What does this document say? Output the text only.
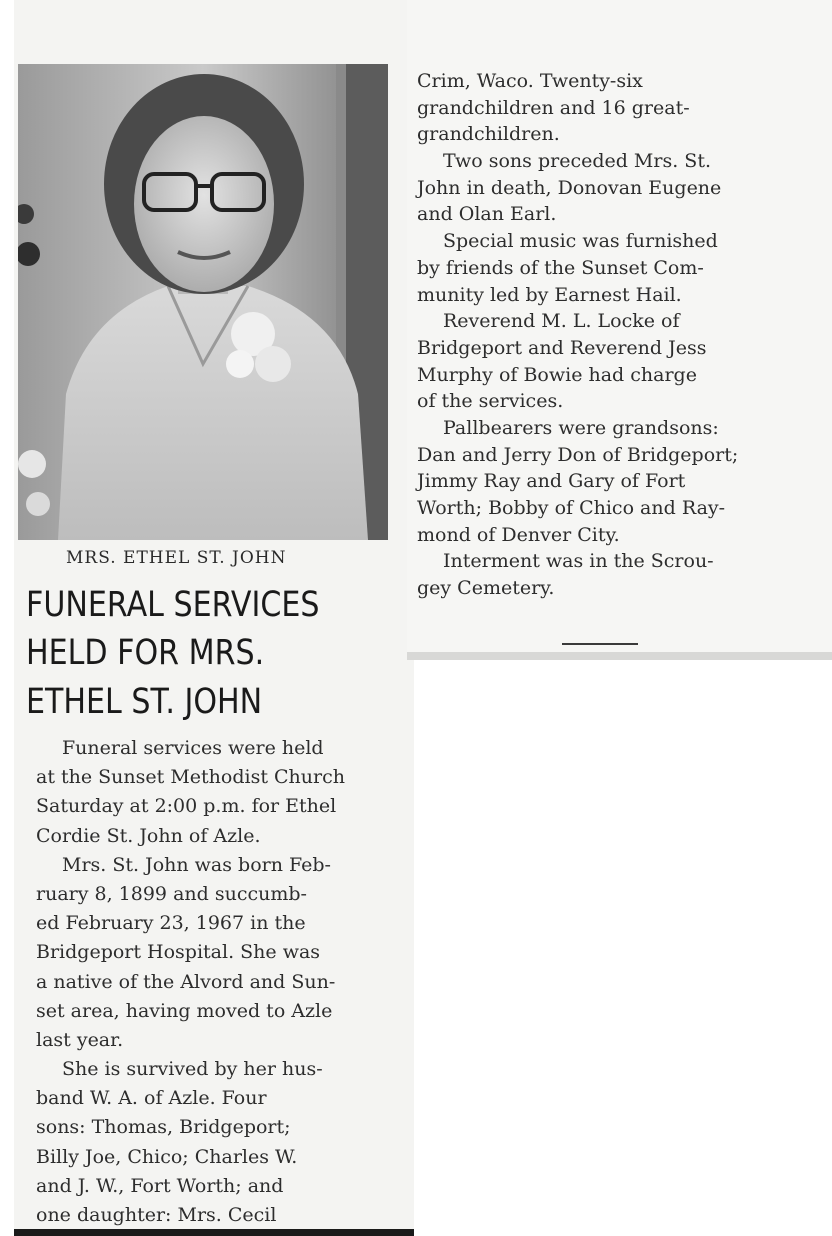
MRS. ETHEL ST. JOHN
FUNERAL SERVICES
HELD FOR MRS.
ETHEL ST. JOHN

Funeral services were held

at the Sunset Methodist Church

Saturday at 2:00 p.m. for Ethel

Cordie St. John of Azle.

Mrs. St. John was born Feb-

ruary 8, 1899 and succumb-

ed February 23, 1967 in the

Bridgeport Hospital. She was

a native of the Alvord and Sun-

set area, having moved to Azle

last year.

She is survived by her hus-

band W. A. of Azle. Four

sons: Thomas, Bridgeport;

Billy Joe, Chico; Charles W.

and J. W., Fort Worth; and

one daughter: Mrs. Cecil

Crim, Waco. Twenty-six

grandchildren and 16 great-

grandchildren.

Two sons preceded Mrs. St.

John in death, Donovan Eugene

and Olan Earl.

Special music was furnished

by friends of the Sunset Com-

munity led by Earnest Hail.

Reverend M. L. Locke of

Bridgeport and Reverend Jess

Murphy of Bowie had charge

of the services.

Pallbearers were grandsons:

Dan and Jerry Don of Bridgeport;

Jimmy Ray and Gary of Fort

Worth; Bobby of Chico and Ray-

mond of Denver City.

Interment was in the Scrou-

gey Cemetery.
